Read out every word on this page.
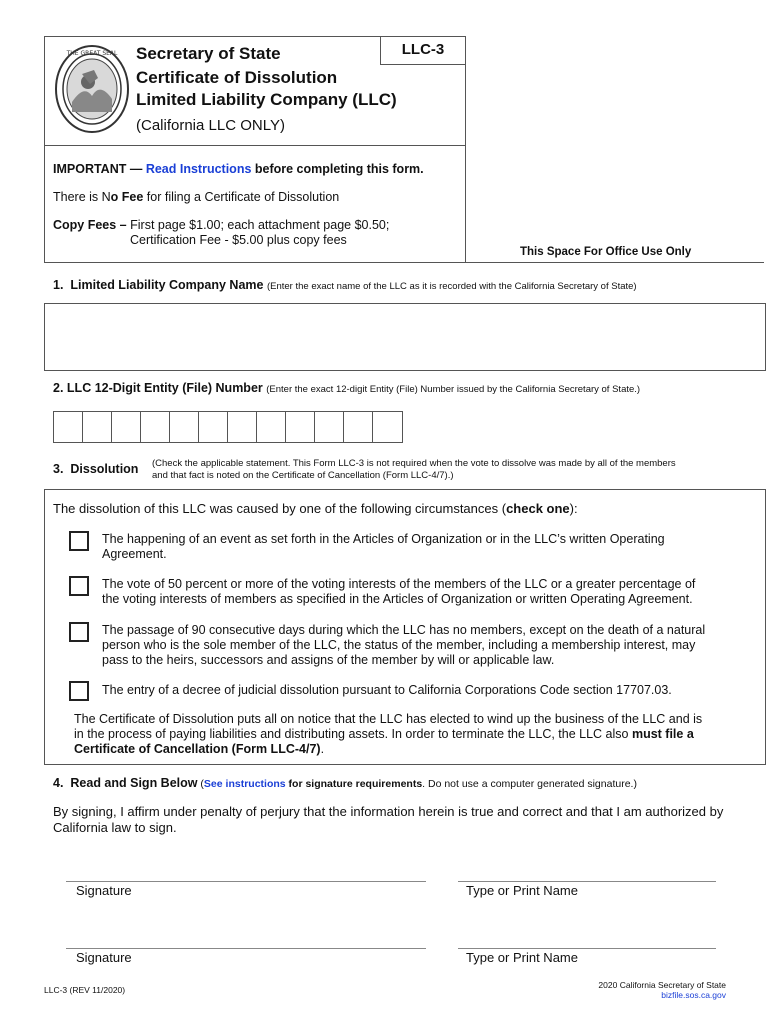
THE GREAT SEAL	LLC-3
Secretary of State
Certificate of Dissolution
Limited Liability Company (LLC)
(California LLC ONLY)
IMPORTANT — Read Instructions before completing this form.
There is No Fee for filing a Certificate of Dissolution
Copy Fees – First page $1.00; each attachment page $0.50;
Certification Fee - $5.00 plus copy fees
This Space For Office Use Only
1. Limited Liability Company Name (Enter the exact name of the LLC as it is recorded with the California Secretary of State)
2. LLC 12-Digit Entity (File) Number (Enter the exact 12-digit Entity (File) Number issued by the California Secretary of State.)
3. Dissolution (Check the applicable statement. This Form LLC-3 is not required when the vote to dissolve was made by all of the members
and that fact is noted on the Certificate of Cancellation (Form LLC-4/7).)
The dissolution of this LLC was caused by one of the following circumstances (check one):
The happening of an event as set forth in the Articles of Organization or in the LLC’s written Operating
Agreement.
The vote of 50 percent or more of the voting interests of the members of the LLC or a greater percentage of
the voting interests of members as specified in the Articles of Organization or written Operating Agreement.
The passage of 90 consecutive days during which the LLC has no members, except on the death of a natural
person who is the sole member of the LLC, the status of the member, including a membership interest, may
pass to the heirs, successors and assigns of the member by will or applicable law.
The entry of a decree of judicial dissolution pursuant to California Corporations Code section 17707.03.
The Certificate of Dissolution puts all on notice that the LLC has elected to wind up the business of the LLC and is
in the process of paying liabilities and distributing assets. In order to terminate the LLC, the LLC also must file a
Certificate of Cancellation (Form LLC-4/7).
4. Read and Sign Below (See instructions for signature requirements. Do not use a computer generated signature.)
By signing, I affirm under penalty of perjury that the information herein is true and correct and that I am authorized by
California law to sign.
Signature	Type or Print Name
Signature	Type or Print Name
LLC-3 (REV 11/2020)	2020 California Secretary of State
bizfile.sos.ca.gov
